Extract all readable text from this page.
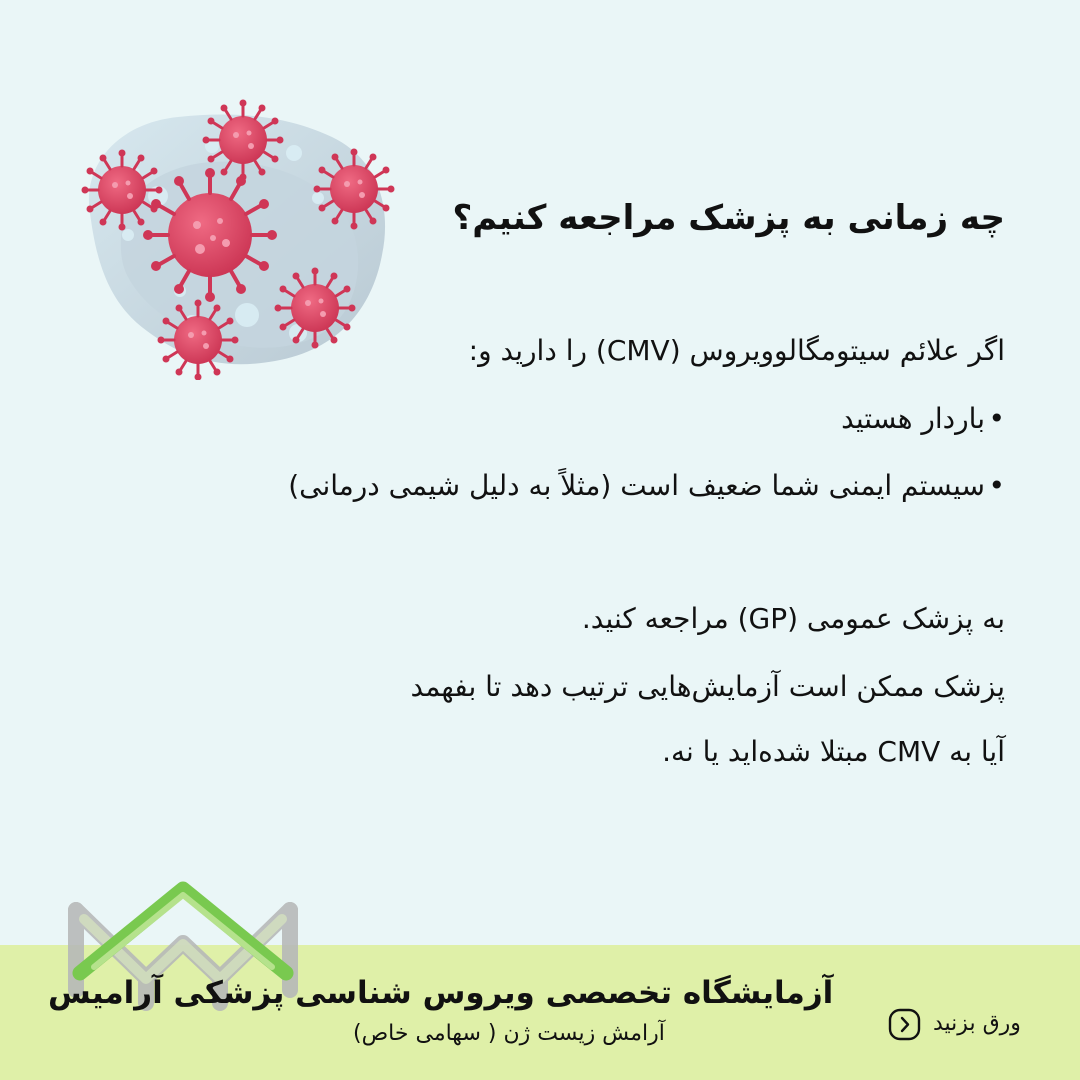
چه زمانی به پزشک مراجعه کنیم؟

اگر علائم سیتومگالوویروس (CMV) را دارید و:

• باردار هستید
• سیستم ایمنی شما ضعیف است (مثلاً به دلیل شیمی درمانی)

به پزشک عمومی (GP) مراجعه کنید.

پزشک ممکن است آزمایش‌هایی ترتیب دهد تا بفهمد

آیا به CMV مبتلا شده‌اید یا نه.

آزمایشگاه تخصصی ویروس شناسی پزشکی آرامیس

آرامش زیست ژن ( سهامی خاص)	ورق بزنید
